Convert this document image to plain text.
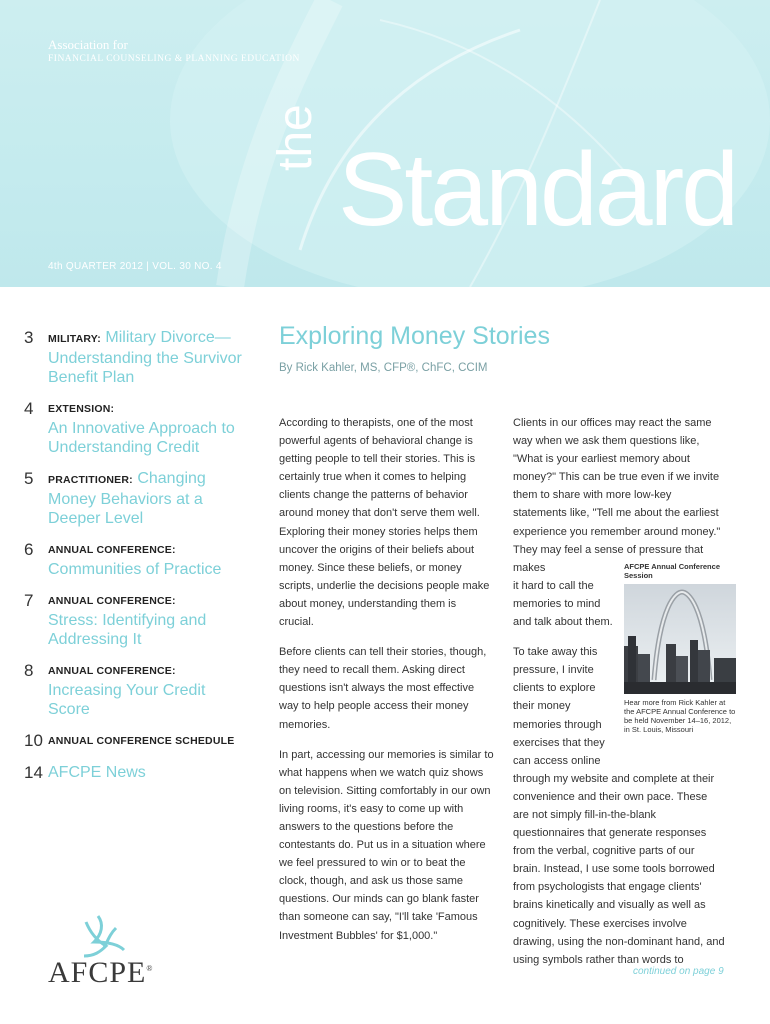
Association for
FINANCIAL COUNSELING & PLANNING EDUCATION
the Standard
4th QUARTER 2012 | VOL. 30 NO. 4
3	MILITARY: Military Divorce—Understanding the Survivor Benefit Plan
4	EXTENSION:
An Innovative Approach to Understanding Credit
5	PRACTITIONER: Changing Money Behaviors at a Deeper Level
6	ANNUAL CONFERENCE:
Communities of Practice
7	ANNUAL CONFERENCE:
Stress: Identifying and Addressing It
8	ANNUAL CONFERENCE:
Increasing Your Credit Score
10 ANNUAL CONFERENCE SCHEDULE
14 AFCPE News
AFCPE®
Exploring Money Stories
By Rick Kahler, MS, CFP®, ChFC, CCIM

According to therapists, one of the most powerful agents of behavioral change is getting people to tell their stories. This is certainly true when it comes to helping clients change the patterns of behavior around money that don't serve them well. Exploring their money stories helps them uncover the origins of their beliefs about money. Since these beliefs, or money scripts, underlie the decisions people make about money, understanding them is crucial.

Before clients can tell their stories, though, they need to recall them. Asking direct questions isn't always the most effective way to help people access their money memories.

In part, accessing our memories is similar to what happens when we watch quiz shows on television. Sitting comfortably in our own living rooms, it's easy to come up with answers to the questions before the contestants do. Put us in a situation where we feel pressured to win or to beat the clock, though, and ask us those same questions. Our minds can go blank faster than someone can say, "I'll take 'Famous Investment Bubbles' for $1,000."

Clients in our offices may react the same way when we ask them questions like, "What is your earliest memory about money?" This can be true even if we invite them to share with more low-key statements like, "Tell me about the earliest experience you remember around money." They may feel a sense of pressure that makes
it hard to call the memories to mind and talk about them.
To take away this pressure, I invite clients to explore their money memories through exercises that they can access online
through my website and complete at their convenience and their own pace. These are not simply fill-in-the-blank questionnaires that generate responses from the verbal, cognitive parts of our brain. Instead, I use some tools borrowed from psychologists that engage clients' brains kinetically and visually as well as cognitively. These exercises involve drawing, using the non-dominant hand, and using symbols rather than words to
AFCPE Annual Conference Session
Hear more from Rick Kahler at the AFCPE Annual Conference to be held November 14–16, 2012, in St. Louis, Missouri
continued on page 9
